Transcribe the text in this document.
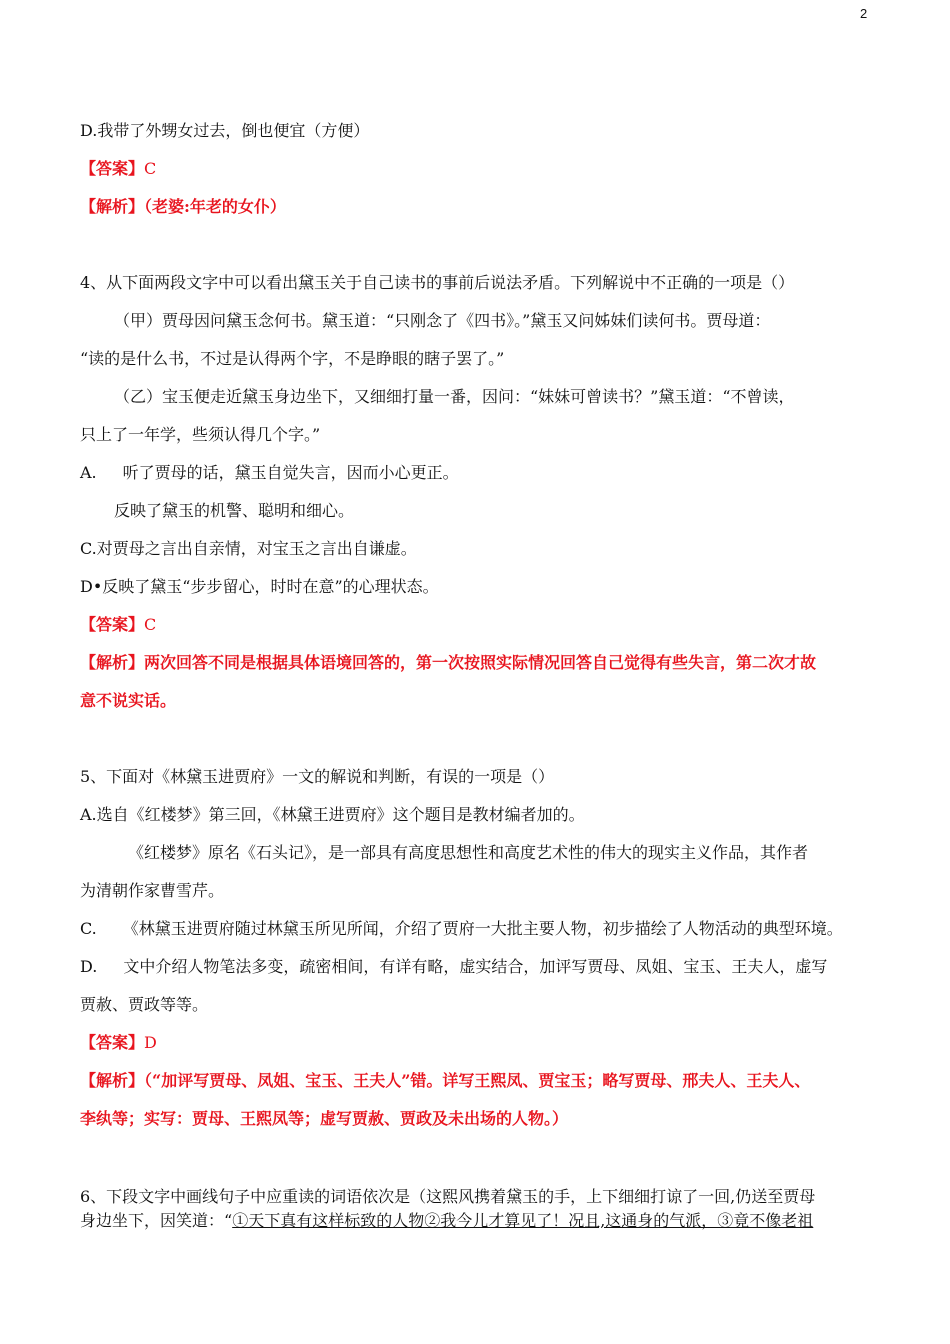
2
D.我带了外甥女过去，倒也便宜（方便）
【答案】C
【解析】（老婆:年老的女仆）
4、从下面两段文字中可以看出黛玉关于自己读书的事前后说法矛盾。下列解说中不正确的一项是（）
（甲）贾母因问黛玉念何书。黛玉道：“只刚念了《四书》。”黛玉又问姊妹们读何书。贾母道：
“读的是什么书，不过是认得两个字，不是睁眼的瞎子罢了。”
（乙）宝玉便走近黛玉身边坐下，又细细打量一番，因问：“妹妹可曾读书？”黛玉道：“不曾读，
只上了一年学，些须认得几个字。”
A. 听了贾母的话，黛玉自觉失言，因而小心更正。
反映了黛玉的机警、聪明和细心。
C.对贾母之言出自亲情，对宝玉之言出自谦虚。
D•反映了黛玉“步步留心，时时在意”的心理状态。
【答案】C
【解析】两次回答不同是根据具体语境回答的，第一次按照实际情况回答自己觉得有些失言，第二次才故
意不说实话。
5、下面对《林黛玉进贾府》一文的解说和判断，有误的一项是（）
A.选自《红楼梦》第三回，《林黛王进贾府》这个题目是教材编者加的。
《红楼梦》原名《石头记》，是一部具有高度思想性和高度艺术性的伟大的现实主义作品，其作者
为清朝作家曹雪芹。
C. 《林黛玉进贾府随过林黛玉所见所闻，介绍了贾府一大批主要人物，初步描绘了人物活动的典型环境。
D. 文中介绍人物笔法多变，疏密相间，有详有略，虚实结合，加评写贾母、凤姐、宝玉、王夫人，虚写
贾赦、贾政等等。
【答案】D
【解析】（“加评写贾母、凤姐、宝玉、王夫人”错。详写王熙凤、贾宝玉；略写贾母、邢夫人、王夫人、
李纨等；实写：贾母、王熙凤等；虚写贾赦、贾政及未出场的人物。）
6、下段文字中画线句子中应重读的词语依次是（这熙风携着黛玉的手，上下细细打谅了一回,仍送至贾母
身边坐下，因笑道：“①天下真有这样标致的人物②我今儿才算见了！况且,这通身的气派，③竟不像老祖
